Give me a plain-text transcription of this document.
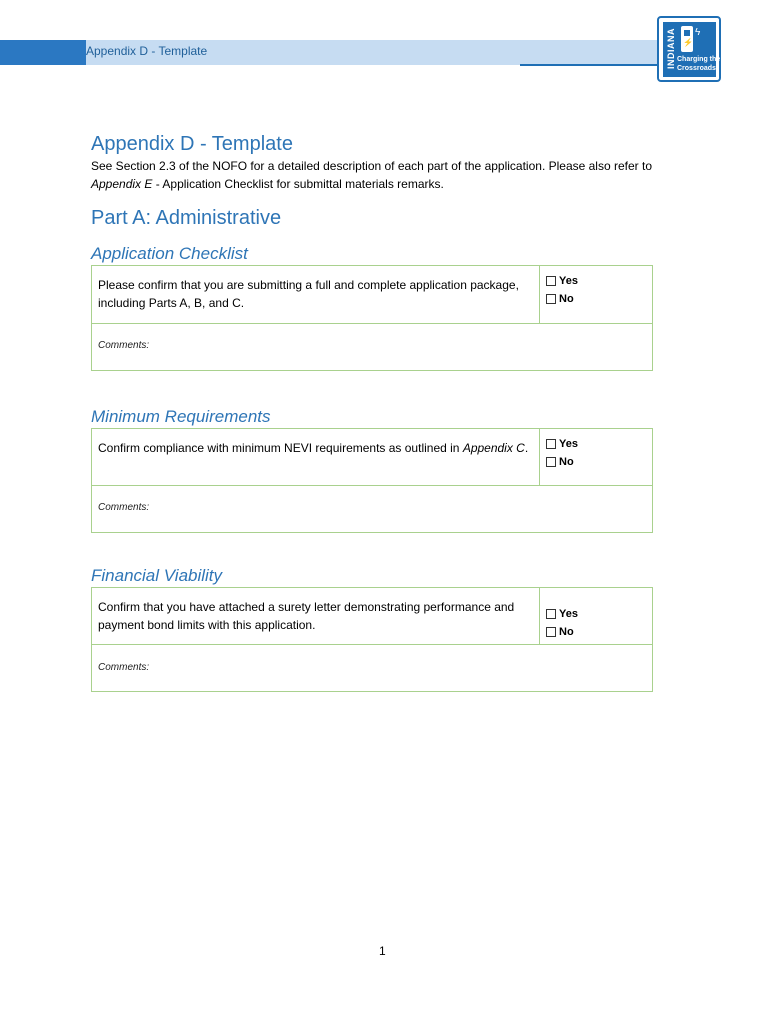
Appendix D - Template	INDIANA ⚡
ϟ
Charging the
Crossroads
Appendix D - Template
See Section 2.3 of the NOFO for a detailed description of each part of the application. Please also refer to Appendix E - Application Checklist for submittal materials remarks.
Part A: Administrative
Application Checklist
Please confirm that you are submitting a full and complete application package, including Parts A, B, and C.
Yes
No
Comments:
Minimum Requirements
Confirm compliance with minimum NEVI requirements as outlined in Appendix C.	Yes
No
Comments:
Financial Viability
Confirm that you have attached a surety letter demonstrating performance and payment bond limits with this application.
Yes
No
Comments:
1
